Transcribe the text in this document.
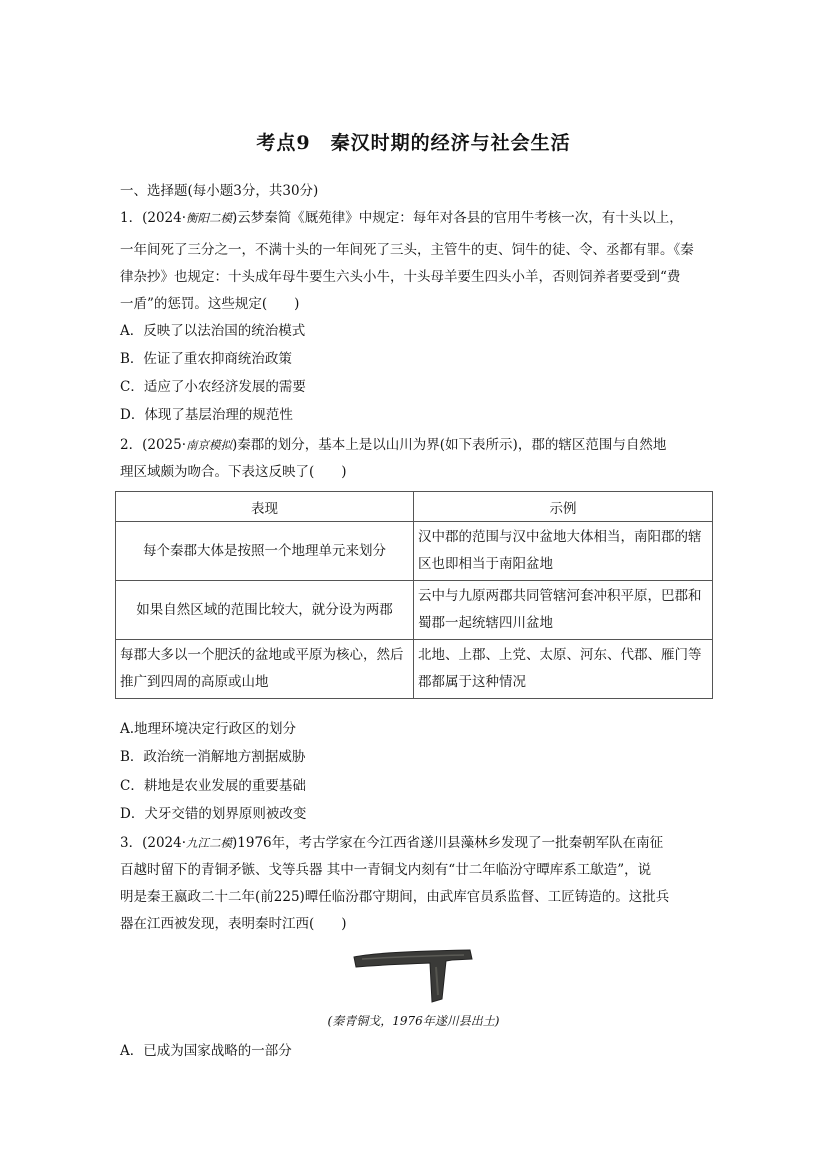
考点9　秦汉时期的经济与社会生活
一、选择题(每小题3分，共30分)
1．(2024·衡阳二模)云梦秦简《厩苑律》中规定：每年对各县的官用牛考核一次，有十头以上，
一年间死了三分之一，不满十头的一年间死了三头，主管牛的吏、饲牛的徒、令、丞都有罪。《秦
律杂抄》也规定：十头成年母牛要生六头小牛，十头母羊要生四头小羊，否则饲养者要受到“费
一盾”的惩罚。这些规定(　　)
A．反映了以法治国的统治模式
B．佐证了重农抑商统治政策
C．适应了小农经济发展的需要
D．体现了基层治理的规范性
2．(2025·南京模拟)秦郡的划分，基本上是以山川为界(如下表所示)，郡的辖区范围与自然地
理区域颇为吻合。下表这反映了(　　)
表现	示例
每个秦郡大体是按照一个地理单元来划分	汉中郡的范围与汉中盆地大体相当，南阳郡的辖区也即相当于南阳盆地
如果自然区域的范围比较大，就分设为两郡	云中与九原两郡共同管辖河套冲积平原，巴郡和蜀郡一起统辖四川盆地
每郡大多以一个肥沃的盆地或平原为核心，然后推广到四周的高原或山地	北地、上郡、上党、太原、河东、代郡、雁门等郡都属于这种情况
A.地理环境决定行政区的划分
B．政治统一消解地方割据威胁
C．耕地是农业发展的重要基础
D．犬牙交错的划界原则被改变
3．(2024·九江二模)1976年，考古学家在今江西省遂川县藻林乡发现了一批秦朝军队在南征
百越时留下的青铜矛镞、戈等兵器 其中一青铜戈内刻有“廿二年临汾守曋库系工歍造”，说
明是秦王嬴政二十二年(前225)曋任临汾郡守期间，由武库官员系监督、工匠铸造的。这批兵
器在江西被发现，表明秦时江西(　　)
(秦青铜戈，1976年遂川县出土)
A．已成为国家战略的一部分
